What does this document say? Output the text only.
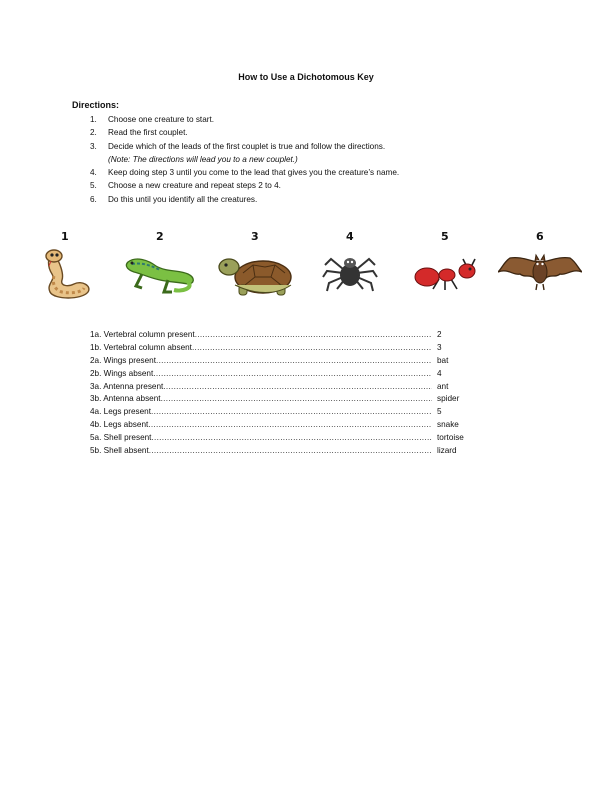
How to Use a Dichotomous Key
Directions:
1.	Choose one creature to start.
2.	Read the first couplet.
3.	Decide which of the leads of the first couplet is true and follow the directions.
(Note: The directions will lead you to a new couplet.)
4.	Keep doing step 3 until you come to the lead that gives you the creature’s name.
5.	Choose a new creature and repeat steps 2 to 4.
6.	Do this until you identify all the creatures.
1	2	3	4	5	6
1a. Vertebral column present .....	2
1b. Vertebral column absent .....	3
2a. Wings present .....	bat
2b. Wings absent .....	4
3a. Antenna present .....	ant
3b. Antenna absent .....	spider
4a. Legs present .....	5
4b. Legs absent .....	snake
5a. Shell present .....	tortoise
5b. Shell absent .....	lizard
